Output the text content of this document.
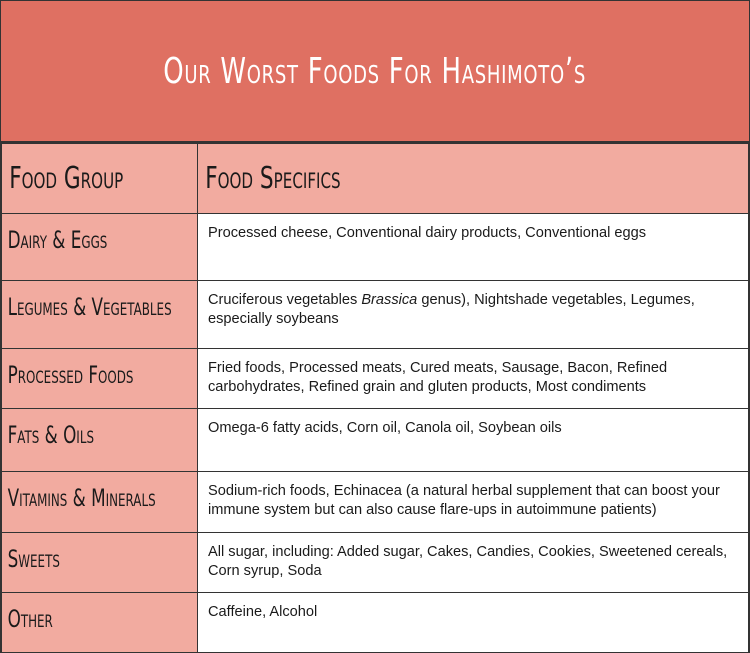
Our Worst Foods For Hashimoto’s
Food Group	Food Specifics
Dairy & Eggs	Processed cheese, Conventional dairy products, Conventional eggs

Legumes & Vegetables	Cruciferous vegetables Brassica genus), Nightshade vegetables, Legumes, especially soybeans

Processed Foods	Fried foods, Processed meats, Cured meats, Sausage, Bacon, Refined carbohydrates, Refined grain and gluten products, Most condiments

Fats & Oils	Omega-6 fatty acids, Corn oil, Canola oil, Soybean oils

Vitamins & Minerals	Sodium-rich foods, Echinacea (a natural herbal supplement that can boost your immune system but can also cause flare-ups in autoimmune patients)

Sweets	All sugar, including: Added sugar, Cakes, Candies, Cookies, Sweetened cereals, Corn syrup, Soda

Other	Caffeine, Alcohol
